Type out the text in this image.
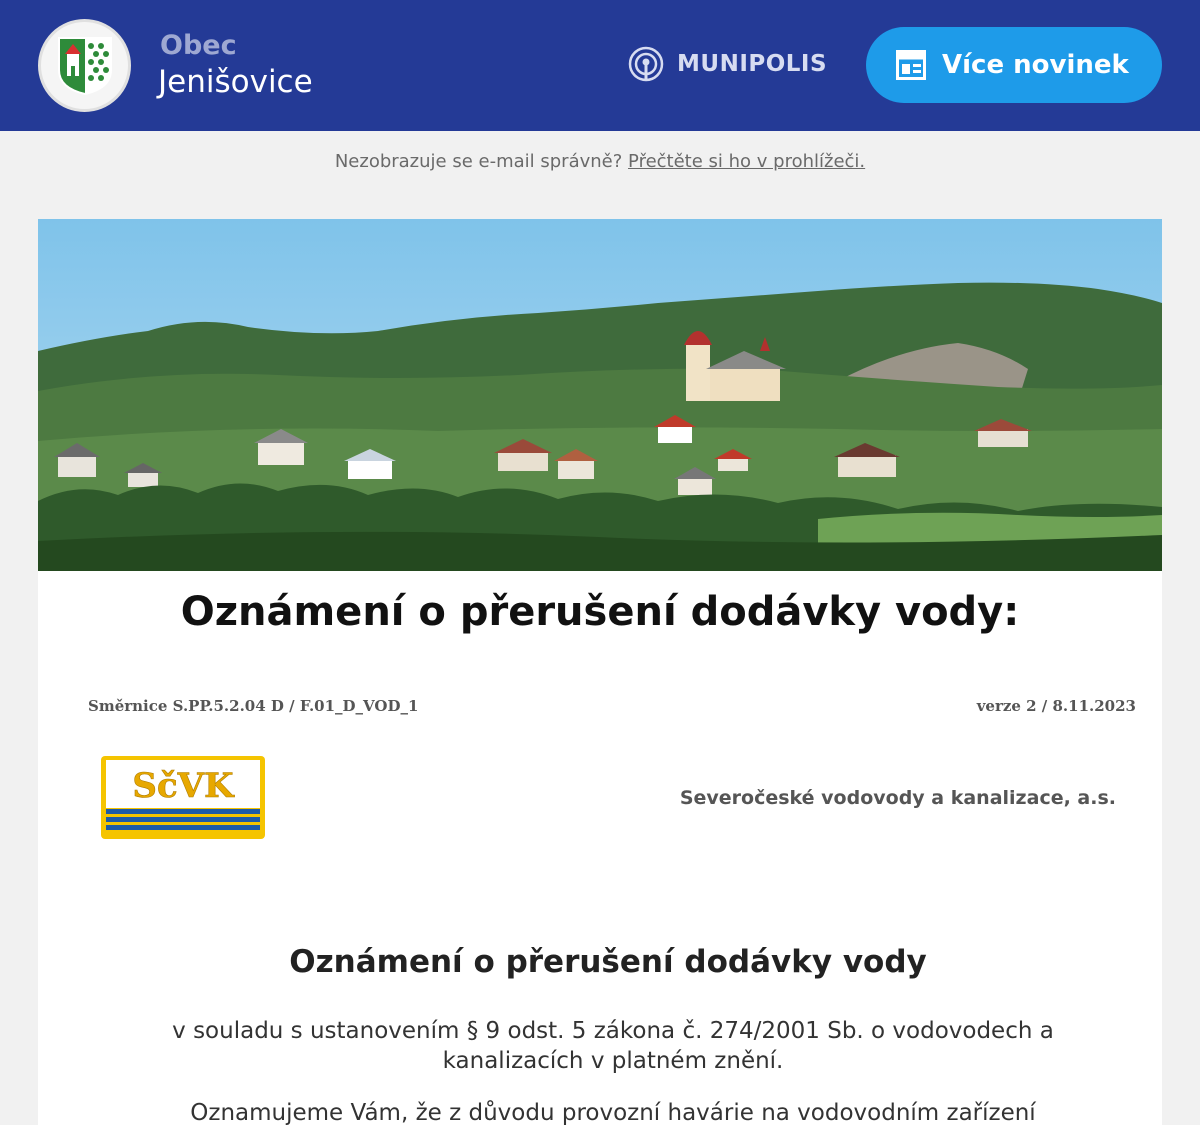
Obec
Jenišovice	MUNIPOLIS	Více novinek
Nezobrazuje se e-mail správně? Přečtěte si ho v prohlížeči.
Oznámení o přerušení dodávky vody:
Směrnice S.PP.5.2.04 D / F.01_D_VOD_1	verze 2 / 8.11.2023
SčVK	Severočeské vodovody a kanalizace, a.s.
Oznámení o přerušení dodávky vody
v souladu s ustanovením § 9 odst. 5 zákona č. 274/2001 Sb. o vodovodech a kanalizacích v platném znění.
Oznamujeme Vám, že z důvodu provozní havárie na vodovodním zařízení
